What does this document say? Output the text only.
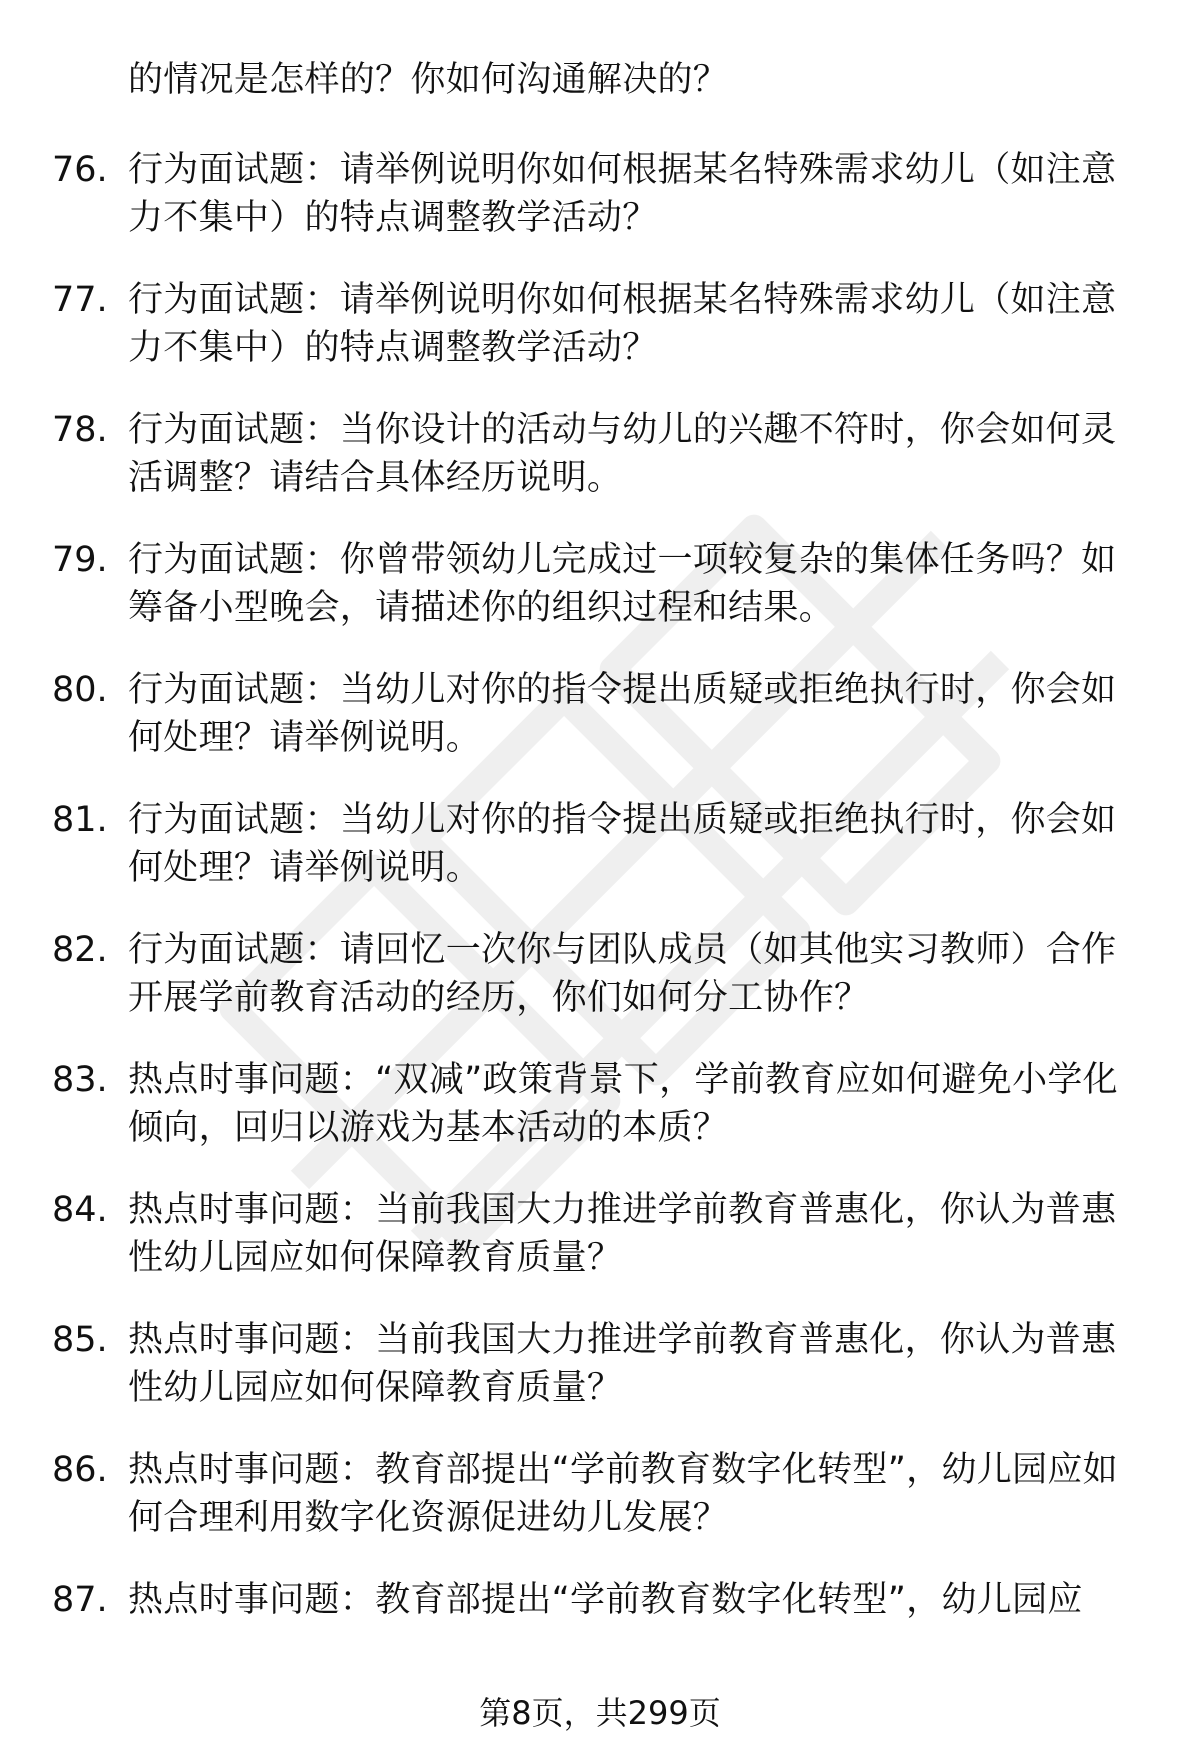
的情况是怎样的？你如何沟通解决的？
76. 行为面试题：请举例说明你如何根据某名特殊需求幼儿（如注意力不集中）的特点调整教学活动？
77. 行为面试题：请举例说明你如何根据某名特殊需求幼儿（如注意力不集中）的特点调整教学活动？
78. 行为面试题：当你设计的活动与幼儿的兴趣不符时，你会如何灵活调整？请结合具体经历说明。
79. 行为面试题：你曾带领幼儿完成过一项较复杂的集体任务吗？如筹备小型晚会，请描述你的组织过程和结果。
80. 行为面试题：当幼儿对你的指令提出质疑或拒绝执行时，你会如何处理？请举例说明。
81. 行为面试题：当幼儿对你的指令提出质疑或拒绝执行时，你会如何处理？请举例说明。
82. 行为面试题：请回忆一次你与团队成员（如其他实习教师）合作开展学前教育活动的经历，你们如何分工协作？
83. 热点时事问题：“双减”政策背景下，学前教育应如何避免小学化倾向，回归以游戏为基本活动的本质？
84. 热点时事问题：当前我国大力推进学前教育普惠化，你认为普惠性幼儿园应如何保障教育质量？
85. 热点时事问题：当前我国大力推进学前教育普惠化，你认为普惠性幼儿园应如何保障教育质量？
86. 热点时事问题：教育部提出“学前教育数字化转型”，幼儿园应如何合理利用数字化资源促进幼儿发展？
87. 热点时事问题：教育部提出“学前教育数字化转型”，幼儿园应
第8页，共299页
